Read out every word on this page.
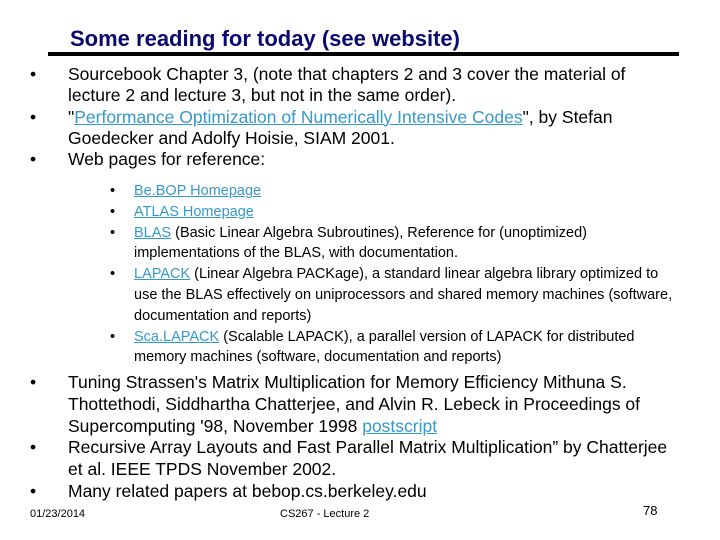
Some reading for today (see website)
•	Sourcebook Chapter 3, (note that chapters 2 and 3 cover the material of lecture 2 and lecture 3, but not in the same order).
•	"Performance Optimization of Numerically Intensive Codes", by Stefan Goedecker and Adolfy Hoisie, SIAM 2001.
•	Web pages for reference:
• Be.BOP Homepage
• ATLAS Homepage
• BLAS (Basic Linear Algebra Subroutines), Reference for (unoptimized) implementations of the BLAS, with documentation.
• LAPACK (Linear Algebra PACKage), a standard linear algebra library optimized to use the BLAS effectively on uniprocessors and shared memory machines (software, documentation and reports)
• Sca.LAPACK (Scalable LAPACK), a parallel version of LAPACK for distributed memory machines (software, documentation and reports)
• Tuning Strassen's Matrix Multiplication for Memory Efficiency Mithuna S. Thottethodi, Siddhartha Chatterjee, and Alvin R. Lebeck in Proceedings of Supercomputing '98, November 1998 postscript
• Recursive Array Layouts and Fast Parallel Matrix Multiplication” by Chatterjee et al. IEEE TPDS November 2002.
• Many related papers at bebop.cs.berkeley.edu
01/23/2014	CS267 - Lecture 2	78
